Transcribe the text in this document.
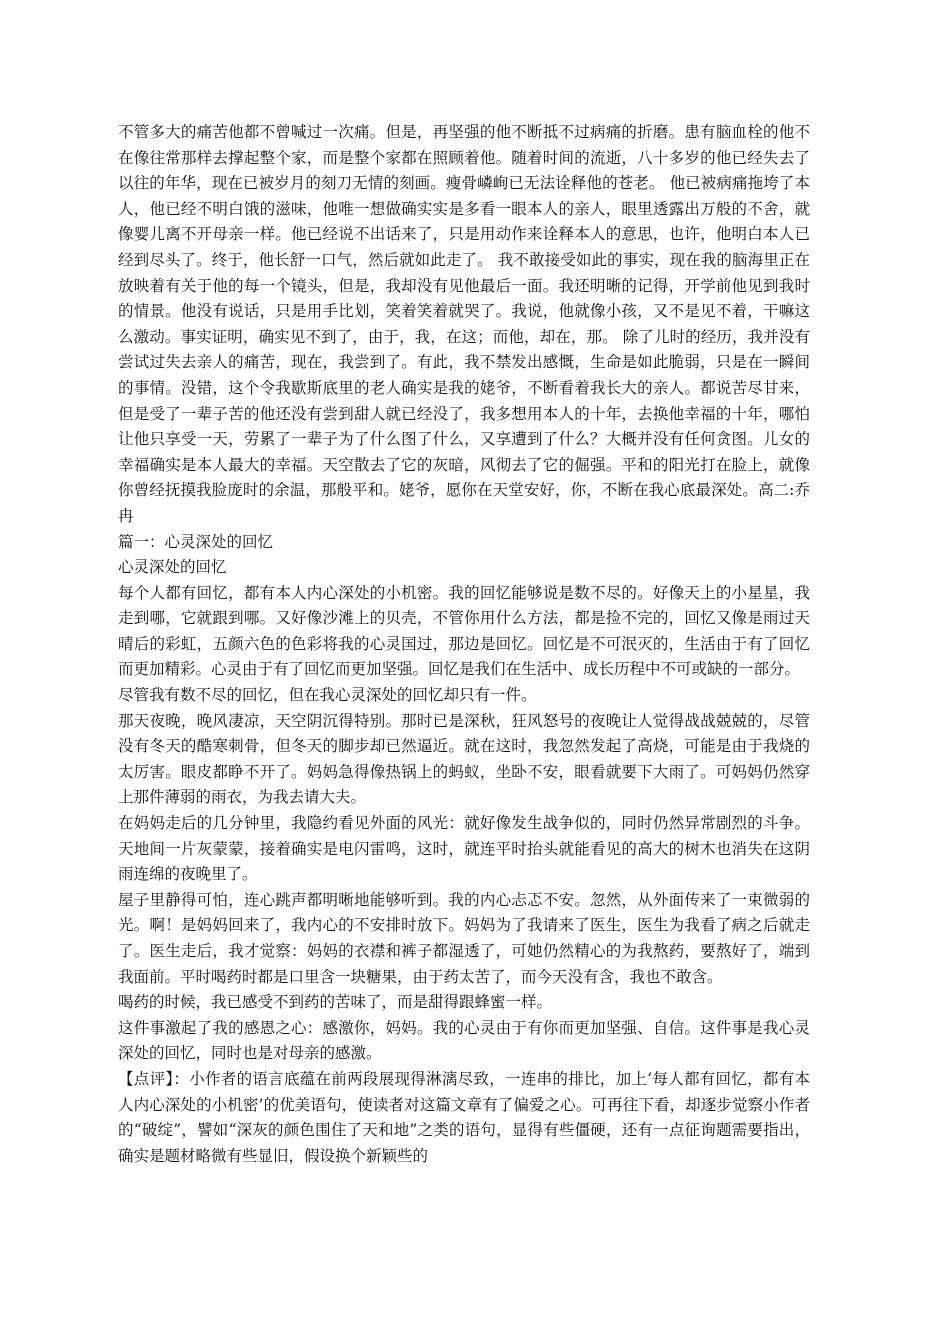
不管多大的痛苦他都不曾喊过一次痛。但是，再坚强的他不断抵不过病痛的折磨。患有脑血栓的他不在像往常那样去撑起整个家，而是整个家都在照顾着他。随着时间的流逝，八十多岁的他已经失去了以往的年华，现在已被岁月的刻刀无情的刻画。瘦骨嶙峋已无法诠释他的苍老。 他已被病痛拖垮了本人，他已经不明白饿的滋味，他唯一想做确实实是多看一眼本人的亲人，眼里透露出万般的不舍，就像婴儿离不开母亲一样。他已经说不出话来了，只是用动作来诠释本人的意思，也许，他明白本人已经到尽头了。终于，他长舒一口气，然后就如此走了。 我不敢接受如此的事实，现在我的脑海里正在放映着有关于他的每一个镜头，但是，我却没有见他最后一面。我还明晰的记得，开学前他见到我时的情景。他没有说话，只是用手比划，笑着笑着就哭了。我说，他就像小孩，又不是见不着，干嘛这么激动。事实证明，确实见不到了，由于，我，在这；而他，却在，那。 除了儿时的经历，我并没有尝试过失去亲人的痛苦，现在，我尝到了。有此，我不禁发出感慨，生命是如此脆弱，只是在一瞬间的事情。没错，这个令我歇斯底里的老人确实是我的姥爷，不断看着我长大的亲人。都说苦尽甘来，但是受了一辈子苦的他还没有尝到甜人就已经没了，我多想用本人的十年，去换他幸福的十年，哪怕让他只享受一天，劳累了一辈子为了什么图了什么，又享遭到了什么？大概并没有任何贪图。儿女的幸福确实是本人最大的幸福。天空散去了它的灰暗，风彻去了它的倔强。平和的阳光打在脸上，就像你曾经抚摸我脸庞时的余温，那般平和。姥爷，愿你在天堂安好，你，不断在我心底最深处。高二:乔冉

篇一：心灵深处的回忆

心灵深处的回忆

每个人都有回忆，都有本人内心深处的小机密。我的回忆能够说是数不尽的。好像天上的小星星，我走到哪，它就跟到哪。又好像沙滩上的贝壳，不管你用什么方法，都是捡不完的，回忆又像是雨过天晴后的彩虹，五颜六色的色彩将我的心灵国过，那边是回忆。回忆是不可泯灭的，生活由于有了回忆而更加精彩。心灵由于有了回忆而更加坚强。回忆是我们在生活中、成长历程中不可或缺的一部分。

尽管我有数不尽的回忆，但在我心灵深处的回忆却只有一件。

那天夜晚，晚风凄凉，天空阴沉得特别。那时已是深秋，狂风怒号的夜晚让人觉得战战兢兢的，尽管没有冬天的酷寒刺骨，但冬天的脚步却已然逼近。就在这时，我忽然发起了高烧，可能是由于我烧的太厉害。眼皮都睁不开了。妈妈急得像热锅上的蚂蚁，坐卧不安，眼看就要下大雨了。可妈妈仍然穿上那件薄弱的雨衣，为我去请大夫。

在妈妈走后的几分钟里，我隐约看见外面的风光：就好像发生战争似的，同时仍然异常剧烈的斗争。天地间一片灰蒙蒙，接着确实是电闪雷鸣，这时，就连平时抬头就能看见的高大的树木也消失在这阴雨连绵的夜晚里了。

屋子里静得可怕，连心跳声都明晰地能够听到。我的内心忐忑不安。忽然，从外面传来了一束微弱的光。啊！是妈妈回来了，我内心的不安排时放下。妈妈为了我请来了医生，医生为我看了病之后就走了。医生走后，我才觉察：妈妈的衣襟和裤子都湿透了，可她仍然精心的为我熬药，要熬好了，端到我面前。平时喝药时都是口里含一块糖果，由于药太苦了，而今天没有含，我也不敢含。

喝药的时候，我已感受不到药的苦味了，而是甜得跟蜂蜜一样。

这件事激起了我的感恩之心：感激你，妈妈。我的心灵由于有你而更加坚强、自信。这件事是我心灵深处的回忆，同时也是对母亲的感激。

【点评】：小作者的语言底蕴在前两段展现得淋漓尽致，一连串的排比，加上‘每人都有回忆，都有本人内心深处的小机密’的优美语句，使读者对这篇文章有了偏爱之心。可再往下看，却逐步觉察小作者的“破绽”，譬如“深灰的颜色围住了天和地”之类的语句，显得有些僵硬，还有一点征询题需要指出，确实是题材略微有些显旧，假设换个新颖些的
